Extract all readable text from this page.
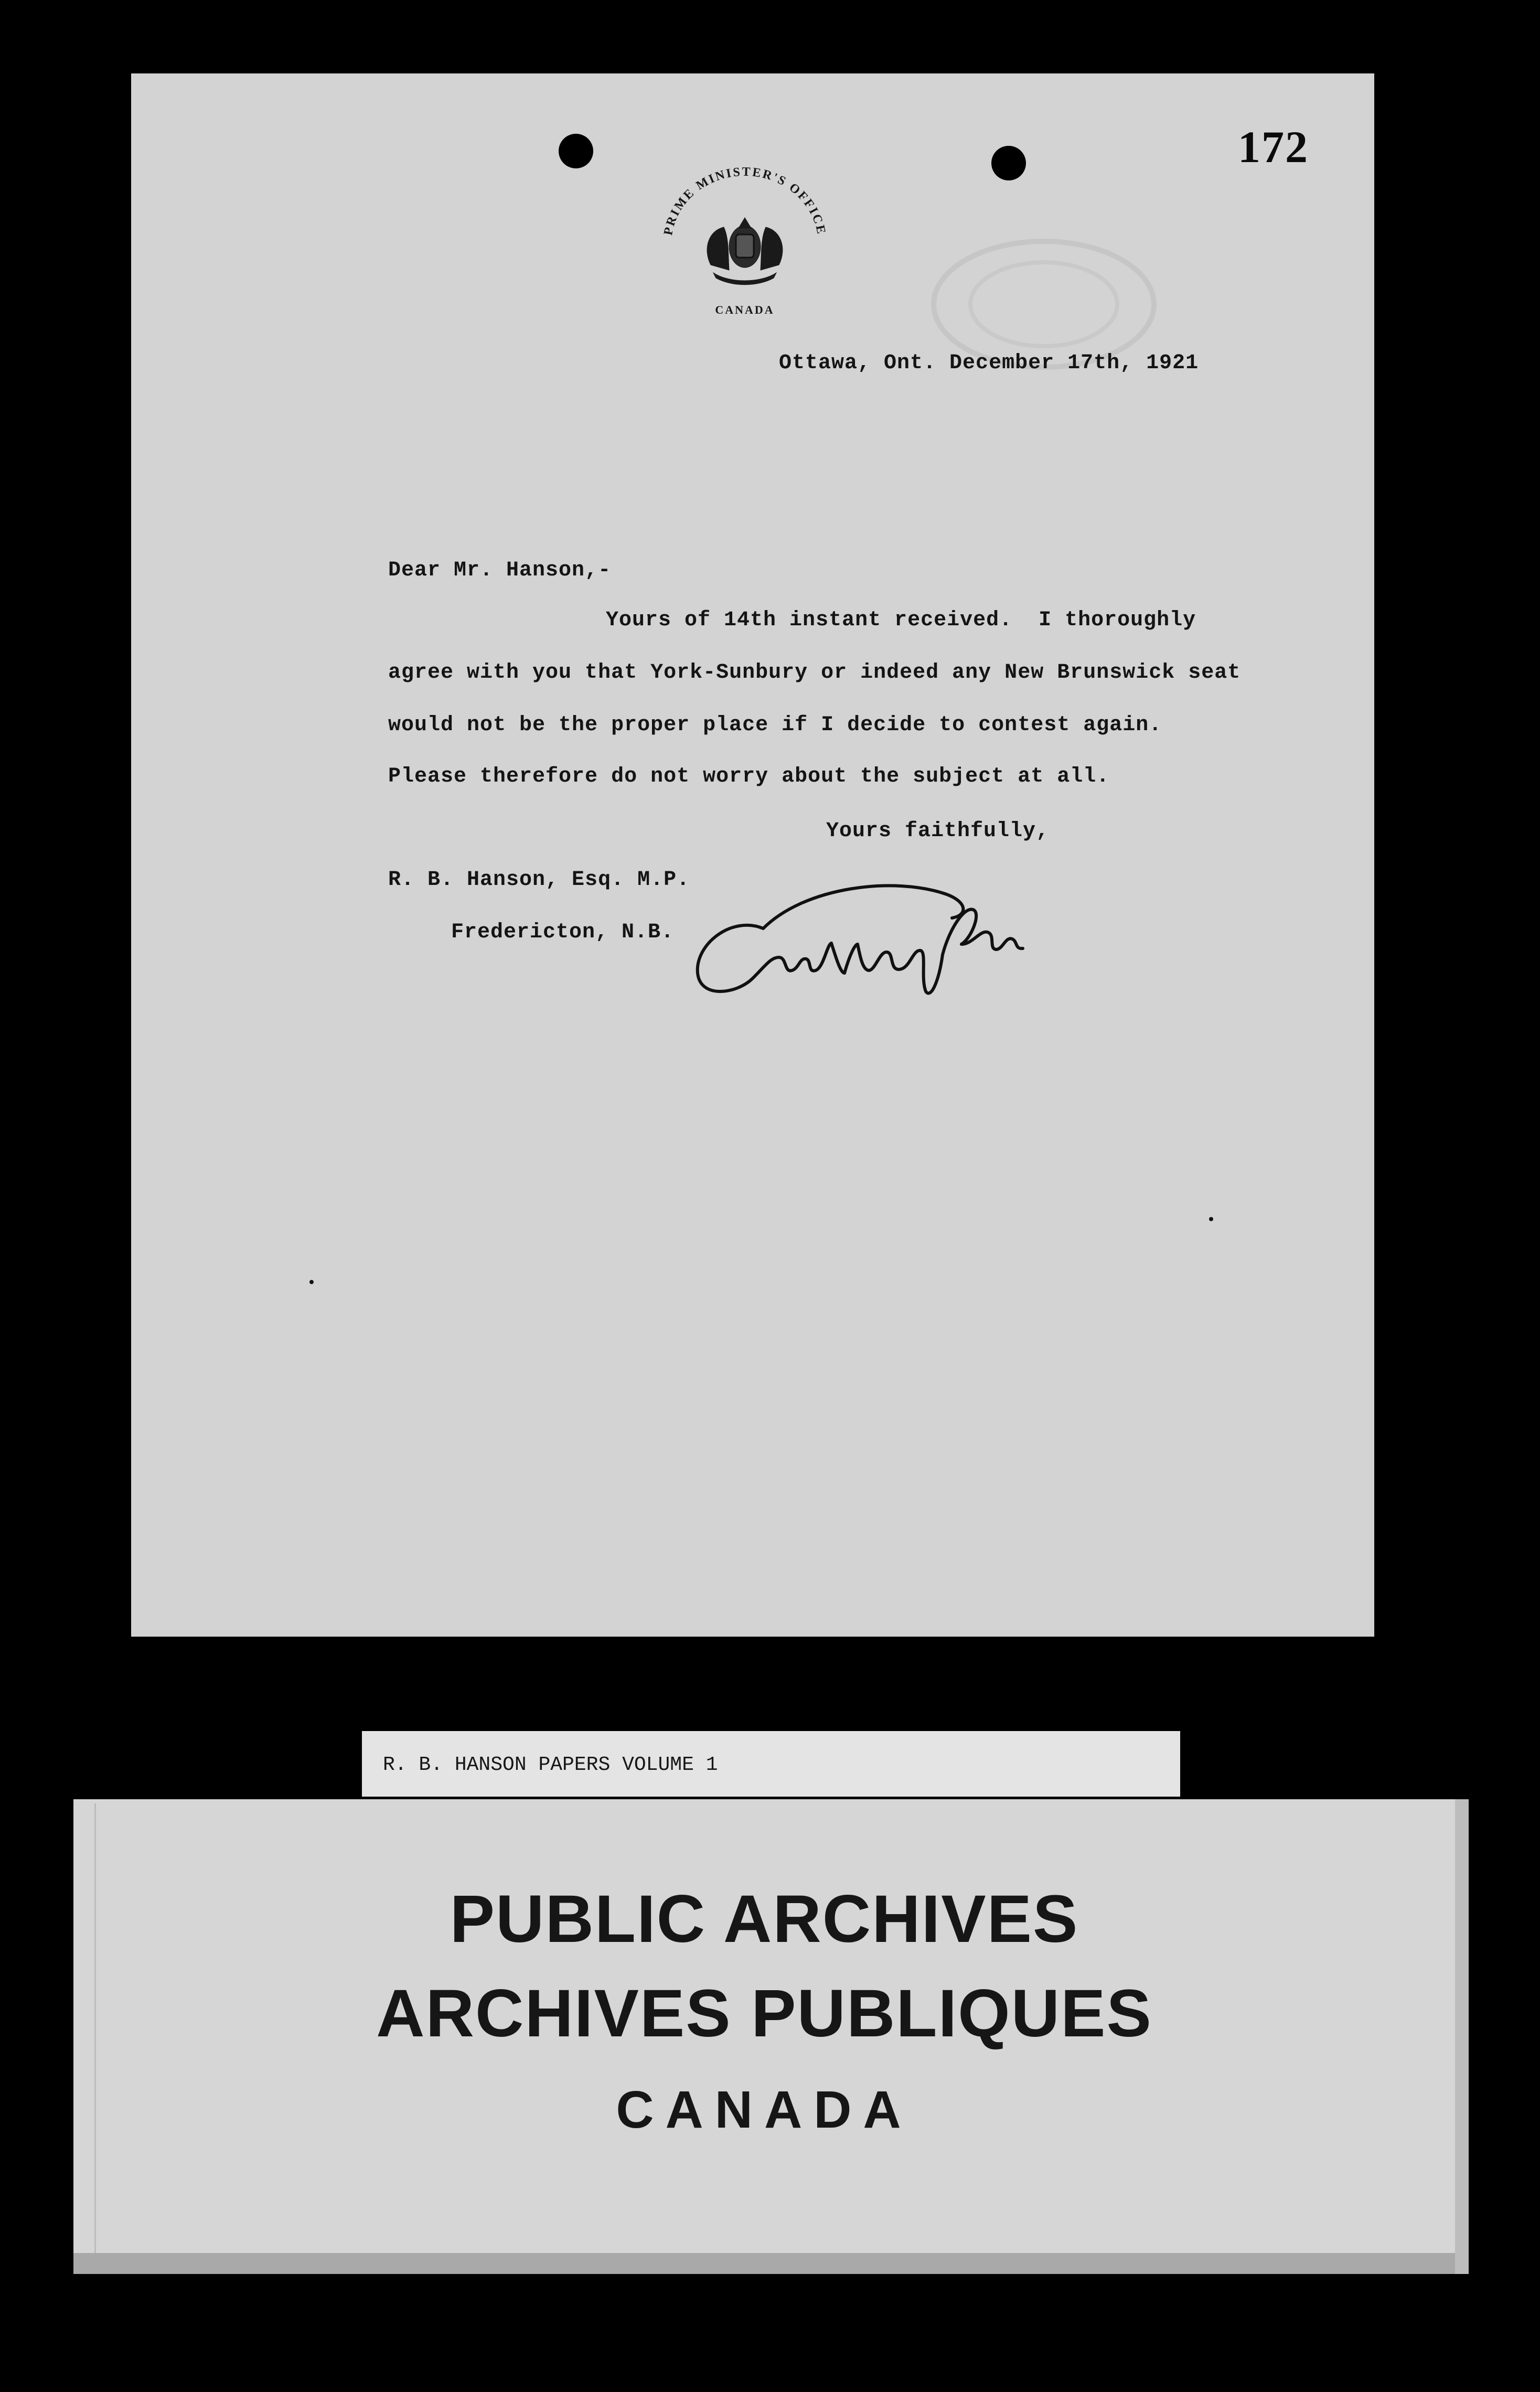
172
PRIME MINISTER'S OFFICE
CANADA
Ottawa, Ont. December 17th, 1921
Dear Mr. Hanson,-
Yours of 14th instant received.  I thoroughly
agree with you that York-Sunbury or indeed any New Brunswick seat
would not be the proper place if I decide to contest again.
Please therefore do not worry about the subject at all.
Yours faithfully,
R. B. Hanson, Esq. M.P.
Fredericton, N.B.
R. B. HANSON PAPERS VOLUME 1
PUBLIC ARCHIVES
ARCHIVES PUBLIQUES
CANADA
